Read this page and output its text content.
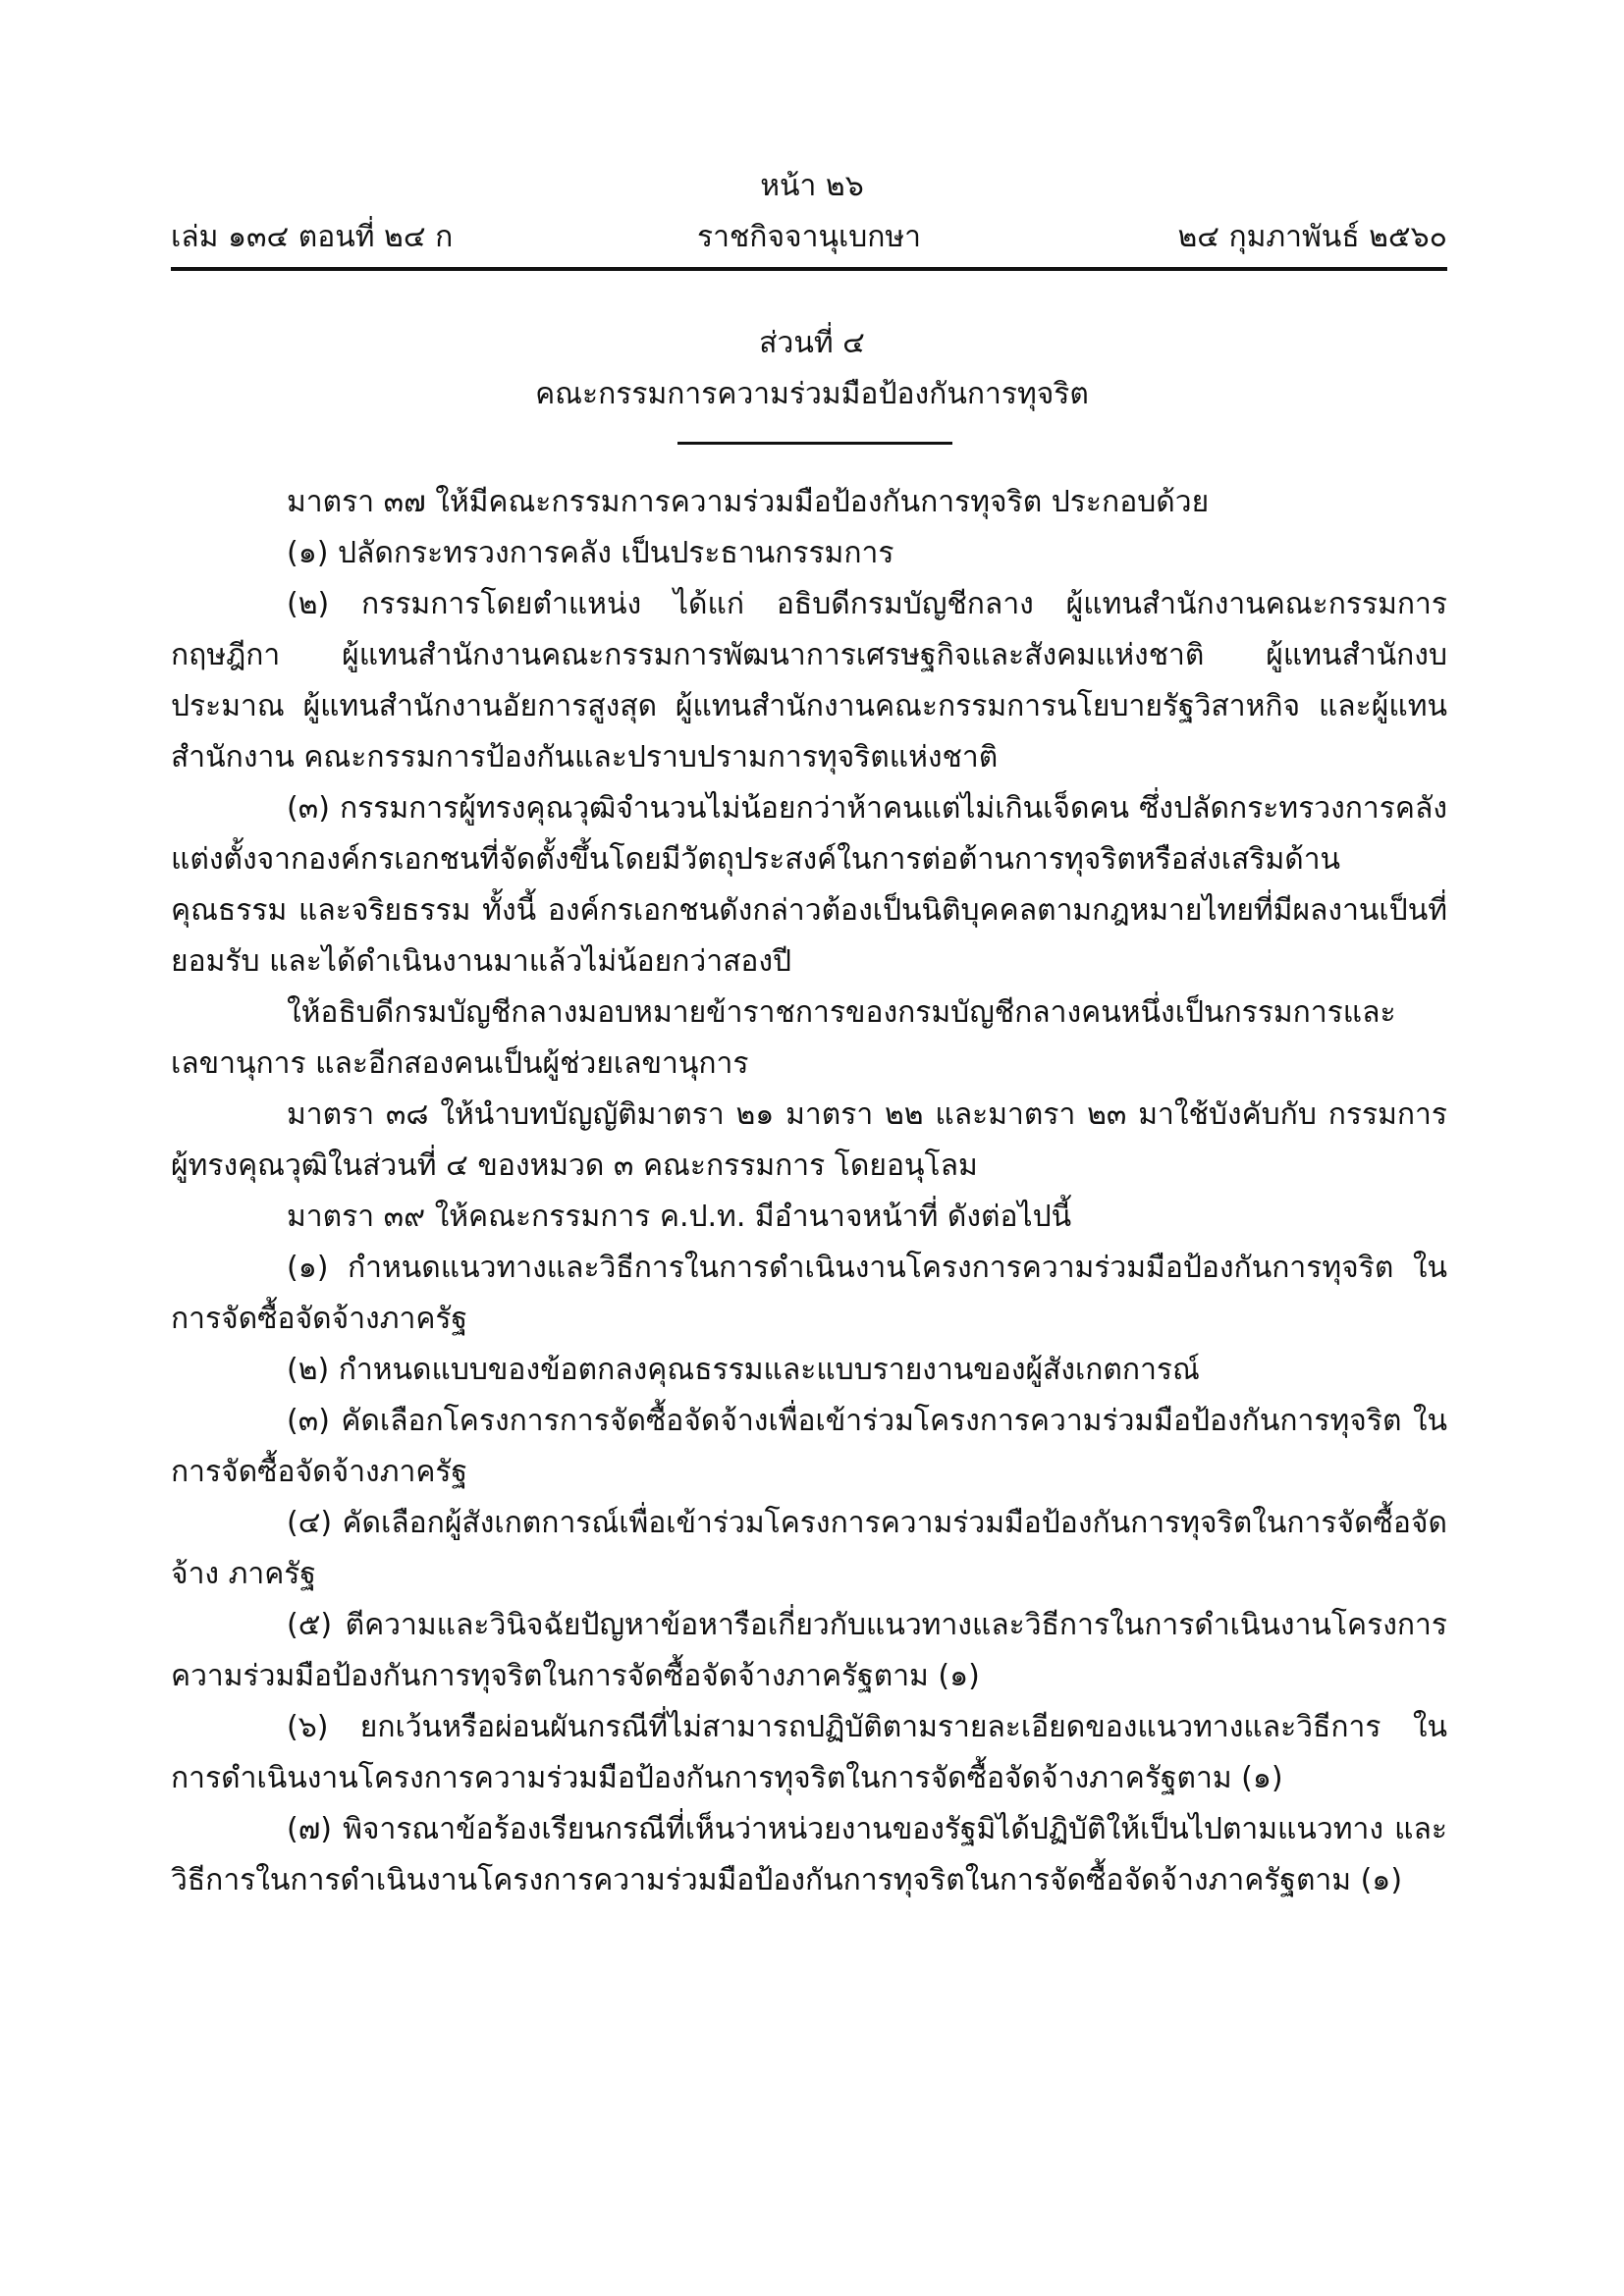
หน้า ๒๖
ราชกิจจานุเบกษา
เล่ม ๑๓๔ ตอนที่ ๒๔ ก	๒๔ กุมภาพันธ์ ๒๕๖๐
ส่วนที่ ๔
คณะกรรมการความร่วมมือป้องกันการทุจริต

มาตรา ๓๗ ให้มีคณะกรรมการความร่วมมือป้องกันการทุจริต ประกอบด้วย

(๑) ปลัดกระทรวงการคลัง เป็นประธานกรรมการ

(๒) กรรมการโดยตำแหน่ง ได้แก่ อธิบดีกรมบัญชีกลาง ผู้แทนสำนักงานคณะกรรมการกฤษฎีกา ผู้แทนสำนักงานคณะกรรมการพัฒนาการเศรษฐกิจและสังคมแห่งชาติ ผู้แทนสำนักงบประมาณ ผู้แทนสำนักงานอัยการสูงสุด ผู้แทนสำนักงานคณะกรรมการนโยบายรัฐวิสาหกิจ และผู้แทนสำนักงาน คณะกรรมการป้องกันและปราบปรามการทุจริตแห่งชาติ

(๓) กรรมการผู้ทรงคุณวุฒิจำนวนไม่น้อยกว่าห้าคนแต่ไม่เกินเจ็ดคน ซึ่งปลัดกระทรวงการคลัง แต่งตั้งจากองค์กรเอกชนที่จัดตั้งขึ้นโดยมีวัตถุประสงค์ในการต่อต้านการทุจริตหรือส่งเสริมด้านคุณธรรม และจริยธรรม ทั้งนี้ องค์กรเอกชนดังกล่าวต้องเป็นนิติบุคคลตามกฎหมายไทยที่มีผลงานเป็นที่ยอมรับ และได้ดำเนินงานมาแล้วไม่น้อยกว่าสองปี

ให้อธิบดีกรมบัญชีกลางมอบหมายข้าราชการของกรมบัญชีกลางคนหนึ่งเป็นกรรมการและเลขานุการ และอีกสองคนเป็นผู้ช่วยเลขานุการ

มาตรา ๓๘ ให้นำบทบัญญัติมาตรา ๒๑ มาตรา ๒๒ และมาตรา ๒๓ มาใช้บังคับกับ กรรมการผู้ทรงคุณวุฒิในส่วนที่ ๔ ของหมวด ๓ คณะกรรมการ โดยอนุโลม

มาตรา ๓๙ ให้คณะกรรมการ ค.ป.ท. มีอำนาจหน้าที่ ดังต่อไปนี้

(๑) กำหนดแนวทางและวิธีการในการดำเนินงานโครงการความร่วมมือป้องกันการทุจริต ในการจัดซื้อจัดจ้างภาครัฐ

(๒) กำหนดแบบของข้อตกลงคุณธรรมและแบบรายงานของผู้สังเกตการณ์

(๓) คัดเลือกโครงการการจัดซื้อจัดจ้างเพื่อเข้าร่วมโครงการความร่วมมือป้องกันการทุจริต ในการจัดซื้อจัดจ้างภาครัฐ

(๔) คัดเลือกผู้สังเกตการณ์เพื่อเข้าร่วมโครงการความร่วมมือป้องกันการทุจริตในการจัดซื้อจัดจ้าง ภาครัฐ

(๕) ตีความและวินิจฉัยปัญหาข้อหารือเกี่ยวกับแนวทางและวิธีการในการดำเนินงานโครงการ ความร่วมมือป้องกันการทุจริตในการจัดซื้อจัดจ้างภาครัฐตาม (๑)

(๖) ยกเว้นหรือผ่อนผันกรณีที่ไม่สามารถปฏิบัติตามรายละเอียดของแนวทางและวิธีการ ในการดำเนินงานโครงการความร่วมมือป้องกันการทุจริตในการจัดซื้อจัดจ้างภาครัฐตาม (๑)

(๗) พิจารณาข้อร้องเรียนกรณีที่เห็นว่าหน่วยงานของรัฐมิได้ปฏิบัติให้เป็นไปตามแนวทาง และวิธีการในการดำเนินงานโครงการความร่วมมือป้องกันการทุจริตในการจัดซื้อจัดจ้างภาครัฐตาม (๑)
